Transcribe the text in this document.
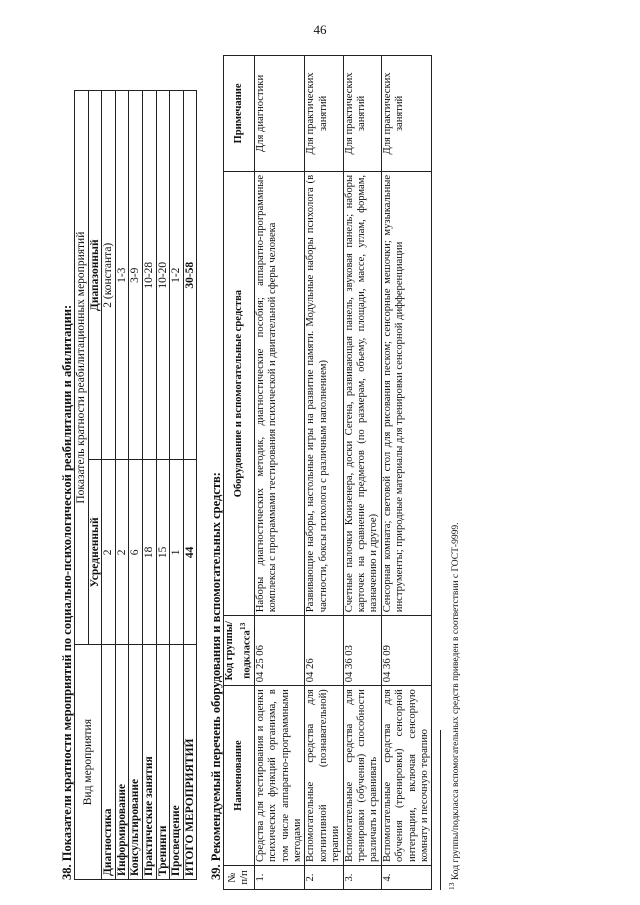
46

38. Показатели кратности мероприятий по социально-психологической реабилитации и абилитации: Вид мероприятия	Показатель кратности реабилитационных мероприятий	
	Усредненный	Диапазонный
Диагностика	2	2 (константа)
Информирование	2	1-3
Консультирование	6	3-9
Практические занятия	18	10-28
Тренинги	15	10-20
Просвещение	1	1-2
ИТОГО МЕРОПРИЯТИЙ	44	30-58

39. Рекомендуемый перечень оборудования и вспомогательных средств: № п/п	Наименование	Код группы/ подкласса$^{13}$	Оборудование и вспомогательные средства	Примечание
1.	Средства для тестирования и оценки психических функций организма, в том числе аппаратно-программными методами	04 25 06	Наборы диагностических методик, диагностические пособия; аппаратно-программные комплексы с программами тестирования психической и двигательной сферы человека	Для диагностики
2.	Вспомогательные средства для когнитивной (познавательной) терапии	04 26	Развивающие наборы, настольные игры на развитие памяти. Модульные наборы психолога (в частности, боксы психолога с различным наполнением)	Для практических занятий
3.	Вспомогательные средства для тренировки (обучения) способности различать и сравнивать	04 36 03	Счетные палочки Кюизенера, доски Сегена, развивающая панель, звуковая панель; наборы карточек на сравнение предметов (по размерам, объему, площади, массе, углам, формам, назначению и другое)	Для практических занятий
4.	Вспомогательные средства для обучения (тренировки) сенсорной интеграции, включая сенсорную комнату и песочную терапию	04 36 09	Сенсорная комната; световой стол для рисования песком; сенсорные мешочки; музыкальные инструменты; природные материалы для тренировки сенсорной дифференциации	Для практических занятий
$^{13}$ Код группы/подкласса вспомогательных средств приведен в соответствии с ГОСТ-9999.
